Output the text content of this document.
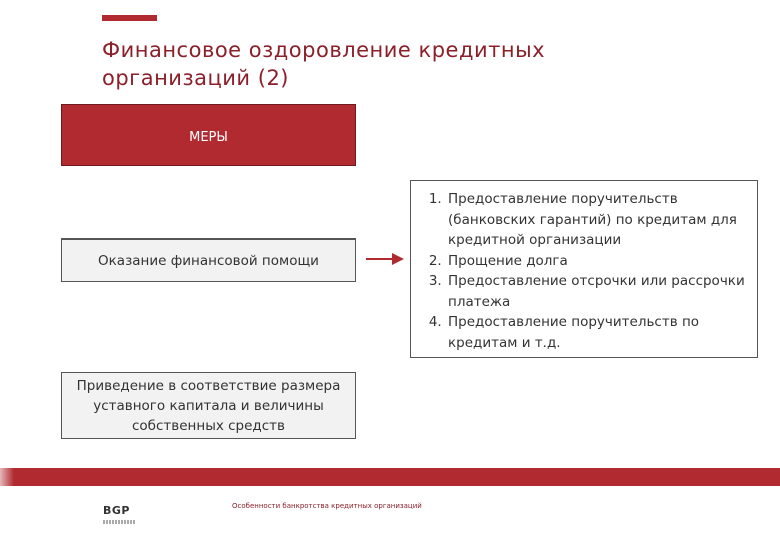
Финансовое оздоровление кредитных
организаций (2)
МЕРЫ
Оказание финансовой помощи
1. Предоставление поручительств (банковских гарантий) по кредитам для кредитной организации
2. Прощение долга
3. Предоставление отсрочки или рассрочки платежа
4. Предоставление поручительств по кредитам и т.д.
Приведение в соответствие размера уставного капитала и величины собственных средств
BGP	Особенности банкротства кредитных организаций
